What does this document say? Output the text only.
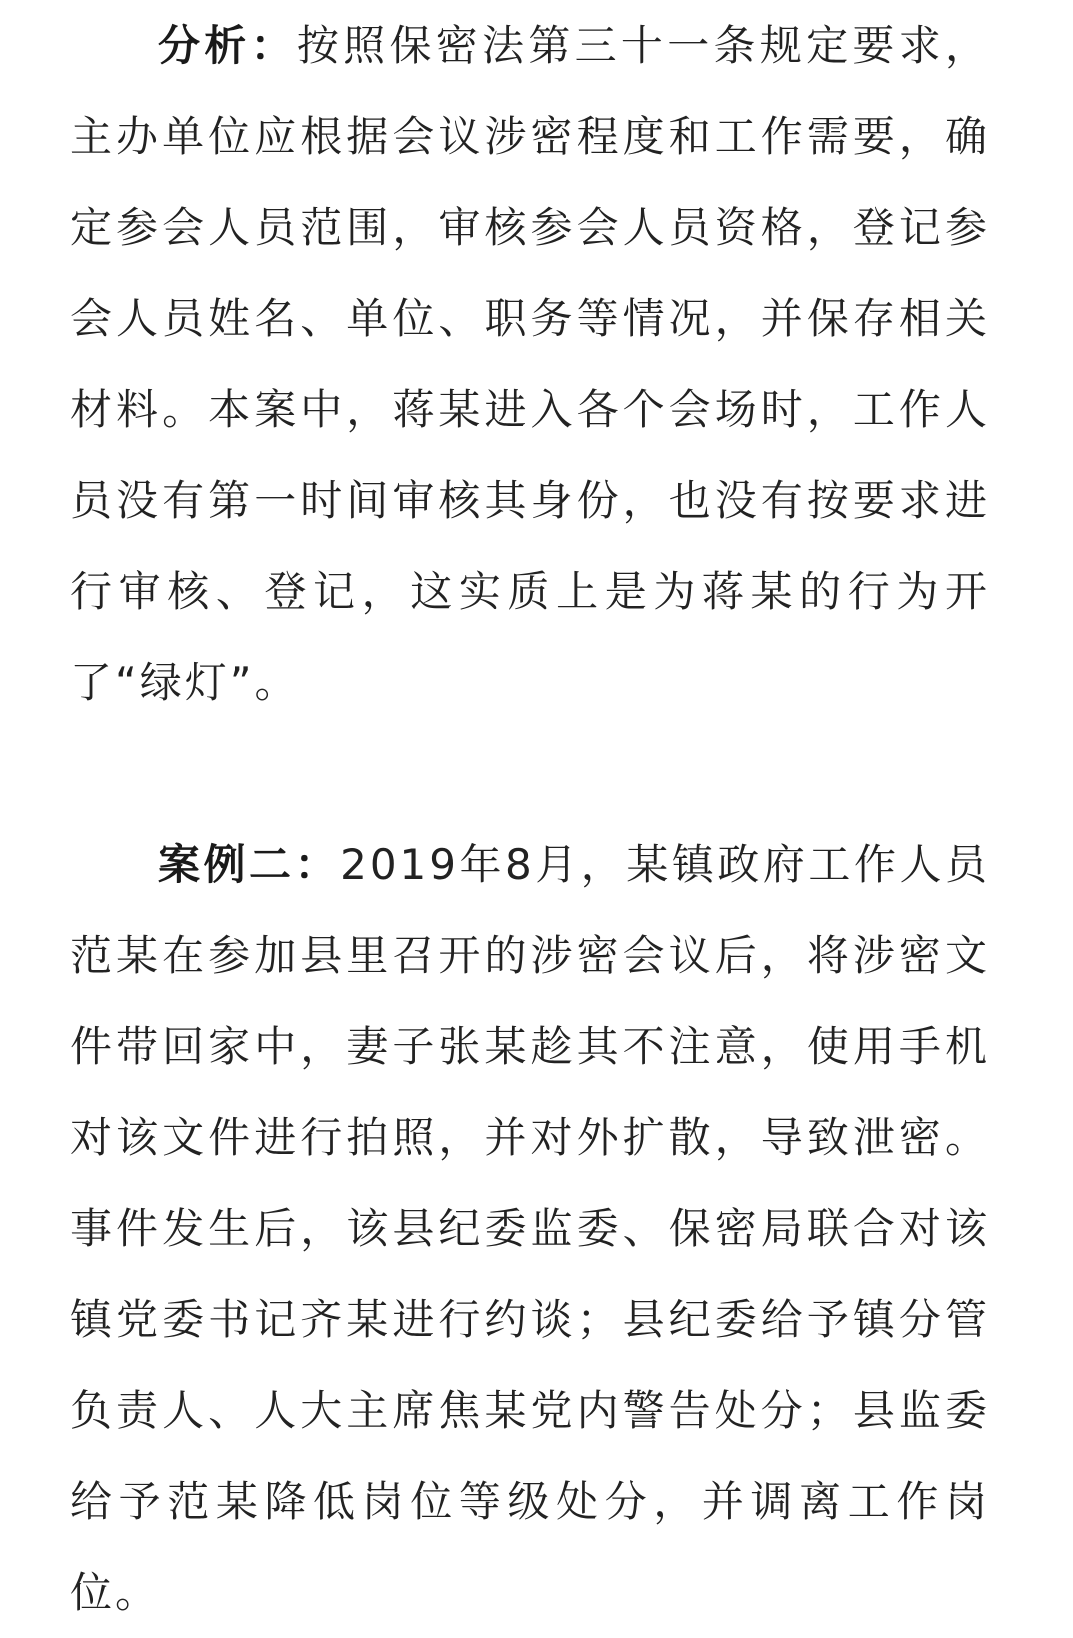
分析：按照保密法第三十一条规定要求，主办单位应根据会议涉密程度和工作需要，确定参会人员范围，审核参会人员资格，登记参会人员姓名、单位、职务等情况，并保存相关材料。本案中，蒋某进入各个会场时，工作人员没有第一时间审核其身份，也没有按要求进行审核、登记，这实质上是为蒋某的行为开了“绿灯”。

案例二：2019年8月，某镇政府工作人员范某在参加县里召开的涉密会议后，将涉密文件带回家中，妻子张某趁其不注意，使用手机对该文件进行拍照，并对外扩散，导致泄密。事件发生后，该县纪委监委、保密局联合对该镇党委书记齐某进行约谈；县纪委给予镇分管负责人、人大主席焦某党内警告处分；县监委给予范某降低岗位等级处分，并调离工作岗位。
